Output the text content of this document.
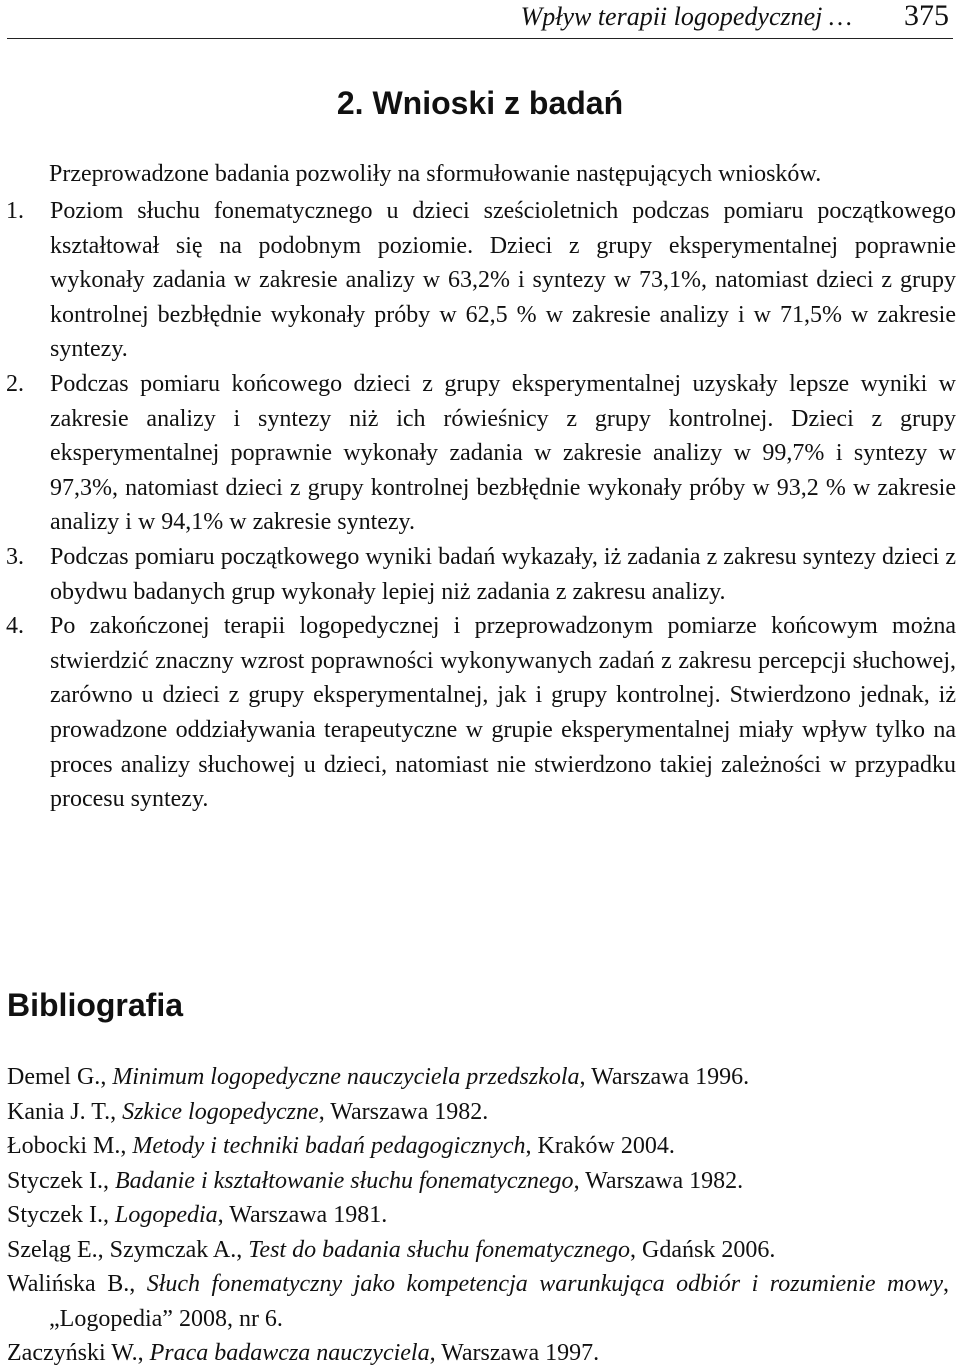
Wpływ terapii logopedycznej … 375
2. Wnioski z badań

Przeprowadzone badania pozwoliły na sformułowanie następujących wniosków.

1. Poziom słuchu fonematycznego u dzieci sześcioletnich podczas pomiaru początkowego kształtował się na podobnym poziomie. Dzieci z grupy eksperymentalnej poprawnie wykonały zadania w zakresie analizy w 63,2% i syntezy w 73,1%, natomiast dzieci z grupy kontrolnej bezbłędnie wykonały próby w 62,5 % w zakresie analizy i w 71,5% w zakresie syntezy.
2. Podczas pomiaru końcowego dzieci z grupy eksperymentalnej uzyskały lepsze wyniki w zakresie analizy i syntezy niż ich rówieśnicy z grupy kontrolnej. Dzieci z grupy eksperymentalnej poprawnie wykonały zadania w zakresie analizy w 99,7% i syntezy w 97,3%, natomiast dzieci z grupy kontrolnej bezbłędnie wykonały próby w 93,2 % w zakresie analizy i w 94,1% w zakresie syntezy.
3. Podczas pomiaru początkowego wyniki badań wykazały, iż zadania z zakresu syntezy dzieci z obydwu badanych grup wykonały lepiej niż zadania z zakresu analizy.
4. Po zakończonej terapii logopedycznej i przeprowadzonym pomiarze końcowym można stwierdzić znaczny wzrost poprawności wykonywanych zadań z zakresu percepcji słuchowej, zarówno u dzieci z grupy eksperymentalnej, jak i grupy kontrolnej. Stwierdzono jednak, iż prowadzone oddziaływania terapeutyczne w grupie eksperymentalnej miały wpływ tylko na proces analizy słuchowej u dzieci, natomiast nie stwierdzono takiej zależności w przypadku procesu syntezy.
Bibliografia
Demel G., Minimum logopedyczne nauczyciela przedszkola, Warszawa 1996.
Kania J. T., Szkice logopedyczne, Warszawa 1982.
Łobocki M., Metody i techniki badań pedagogicznych, Kraków 2004.
Styczek I., Badanie i kształtowanie słuchu fonematycznego, Warszawa 1982.
Styczek I., Logopedia, Warszawa 1981.
Szeląg E., Szymczak A., Test do badania słuchu fonematycznego, Gdańsk 2006.
Walińska B., Słuch fonematyczny jako kompetencja warunkująca odbiór i rozumienie mowy, „Logopedia” 2008, nr 6.
Zaczyński W., Praca badawcza nauczyciela, Warszawa 1997.
